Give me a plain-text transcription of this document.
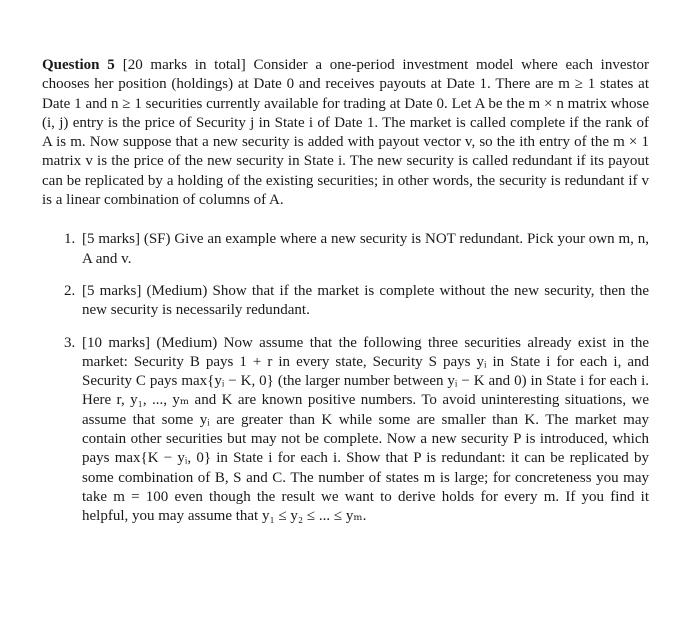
Question 5 [20 marks in total] Consider a one-period investment model where each investor chooses her position (holdings) at Date 0 and receives payouts at Date 1. There are m ≥ 1 states at Date 1 and n ≥ 1 securities currently available for trading at Date 0. Let A be the m × n matrix whose (i, j) entry is the price of Security j in State i of Date 1. The market is called complete if the rank of A is m. Now suppose that a new security is added with payout vector v, so the ith entry of the m × 1 matrix v is the price of the new security in State i. The new security is called redundant if its payout can be replicated by a holding of the existing securities; in other words, the security is redundant if v is a linear combination of columns of A.

1. [5 marks] (SF) Give an example where a new security is NOT redundant. Pick your own m, n, A and v.
2. [5 marks] (Medium) Show that if the market is complete without the new security, then the new security is necessarily redundant.
3. [10 marks] (Medium) Now assume that the following three securities already exist in the market: Security B pays 1 + r in every state, Security S pays yᵢ in State i for each i, and Security C pays max{yᵢ − K, 0} (the larger number between yᵢ − K and 0) in State i for each i. Here r, y₁, ..., yₘ and K are known positive numbers. To avoid uninteresting situations, we assume that some yᵢ are greater than K while some are smaller than K. The market may contain other securities but may not be complete. Now a new security P is introduced, which pays max{K − yᵢ, 0} in State i for each i. Show that P is redundant: it can be replicated by some combination of B, S and C. The number of states m is large; for concreteness you may take m = 100 even though the result we want to derive holds for every m. If you find it helpful, you may assume that y₁ ≤ y₂ ≤ ... ≤ yₘ.
